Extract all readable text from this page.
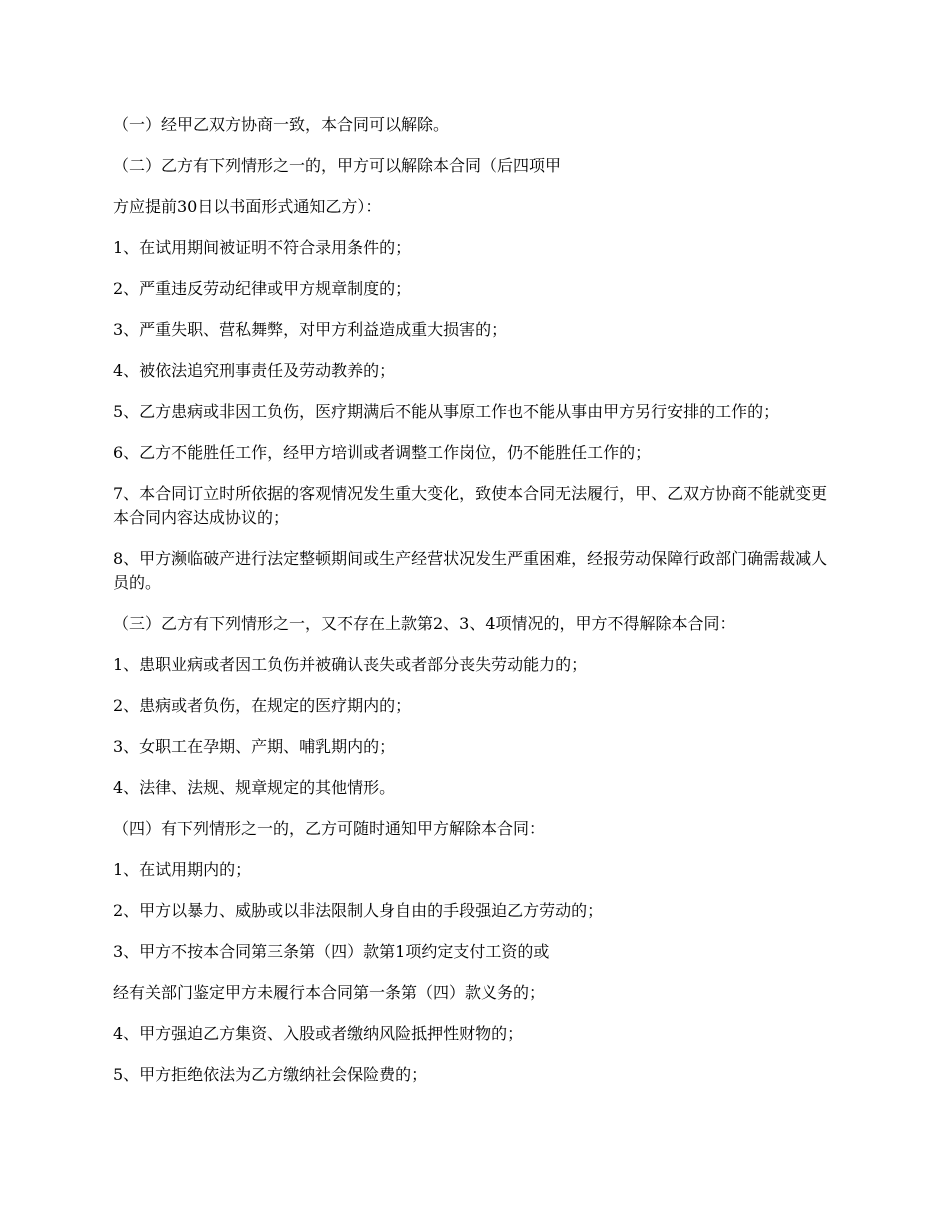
（一）经甲乙双方协商一致，本合同可以解除。

（二）乙方有下列情形之一的，甲方可以解除本合同（后四项甲

方应提前30日以书面形式通知乙方）：

1、在试用期间被证明不符合录用条件的；

2、严重违反劳动纪律或甲方规章制度的；

3、严重失职、营私舞弊，对甲方利益造成重大损害的；

4、被依法追究刑事责任及劳动教养的；

5、乙方患病或非因工负伤，医疗期满后不能从事原工作也不能从事由甲方另行安排的工作的；

6、乙方不能胜任工作，经甲方培训或者调整工作岗位，仍不能胜任工作的；

7、本合同订立时所依据的客观情况发生重大变化，致使本合同无法履行，甲、乙双方协商不能就变更本合同内容达成协议的；

8、甲方濒临破产进行法定整顿期间或生产经营状况发生严重困难，经报劳动保障行政部门确需裁减人员的。

（三）乙方有下列情形之一，又不存在上款第2、3、4项情况的，甲方不得解除本合同：

1、患职业病或者因工负伤并被确认丧失或者部分丧失劳动能力的；

2、患病或者负伤，在规定的医疗期内的；

3、女职工在孕期、产期、哺乳期内的；

4、法律、法规、规章规定的其他情形。

（四）有下列情形之一的，乙方可随时通知甲方解除本合同：

1、在试用期内的；

2、甲方以暴力、威胁或以非法限制人身自由的手段强迫乙方劳动的；

3、甲方不按本合同第三条第（四）款第1项约定支付工资的或

经有关部门鉴定甲方未履行本合同第一条第（四）款义务的；

4、甲方强迫乙方集资、入股或者缴纳风险抵押性财物的；

5、甲方拒绝依法为乙方缴纳社会保险费的；
